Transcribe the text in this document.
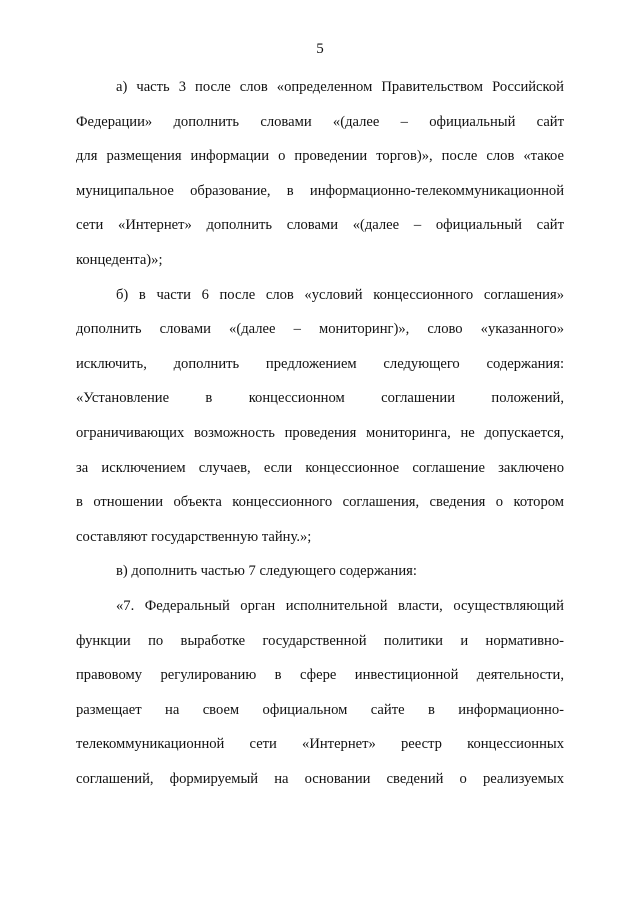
5
а) часть 3 после слов «определенном Правительством Российской
Федерации» дополнить словами «(далее – официальный сайт
для размещения информации о проведении торгов)», после слов «такое
муниципальное образование, в информационно-телекоммуникационной
сети «Интернет» дополнить словами «(далее – официальный сайт
концедента)»;
б) в части 6 после слов «условий концессионного соглашения»
дополнить словами «(далее – мониторинг)», слово «указанного»
исключить, дополнить предложением следующего содержания:
«Установление в концессионном соглашении положений,
ограничивающих возможность проведения мониторинга, не допускается,
за исключением случаев, если концессионное соглашение заключено
в отношении объекта концессионного соглашения, сведения о котором
составляют государственную тайну.»;
в) дополнить частью 7 следующего содержания:
«7. Федеральный орган исполнительной власти, осуществляющий
функции по выработке государственной политики и нормативно-
правовому регулированию в сфере инвестиционной деятельности,
размещает на своем официальном сайте в информационно-
телекоммуникационной сети «Интернет» реестр концессионных
соглашений, формируемый на основании сведений о реализуемых
